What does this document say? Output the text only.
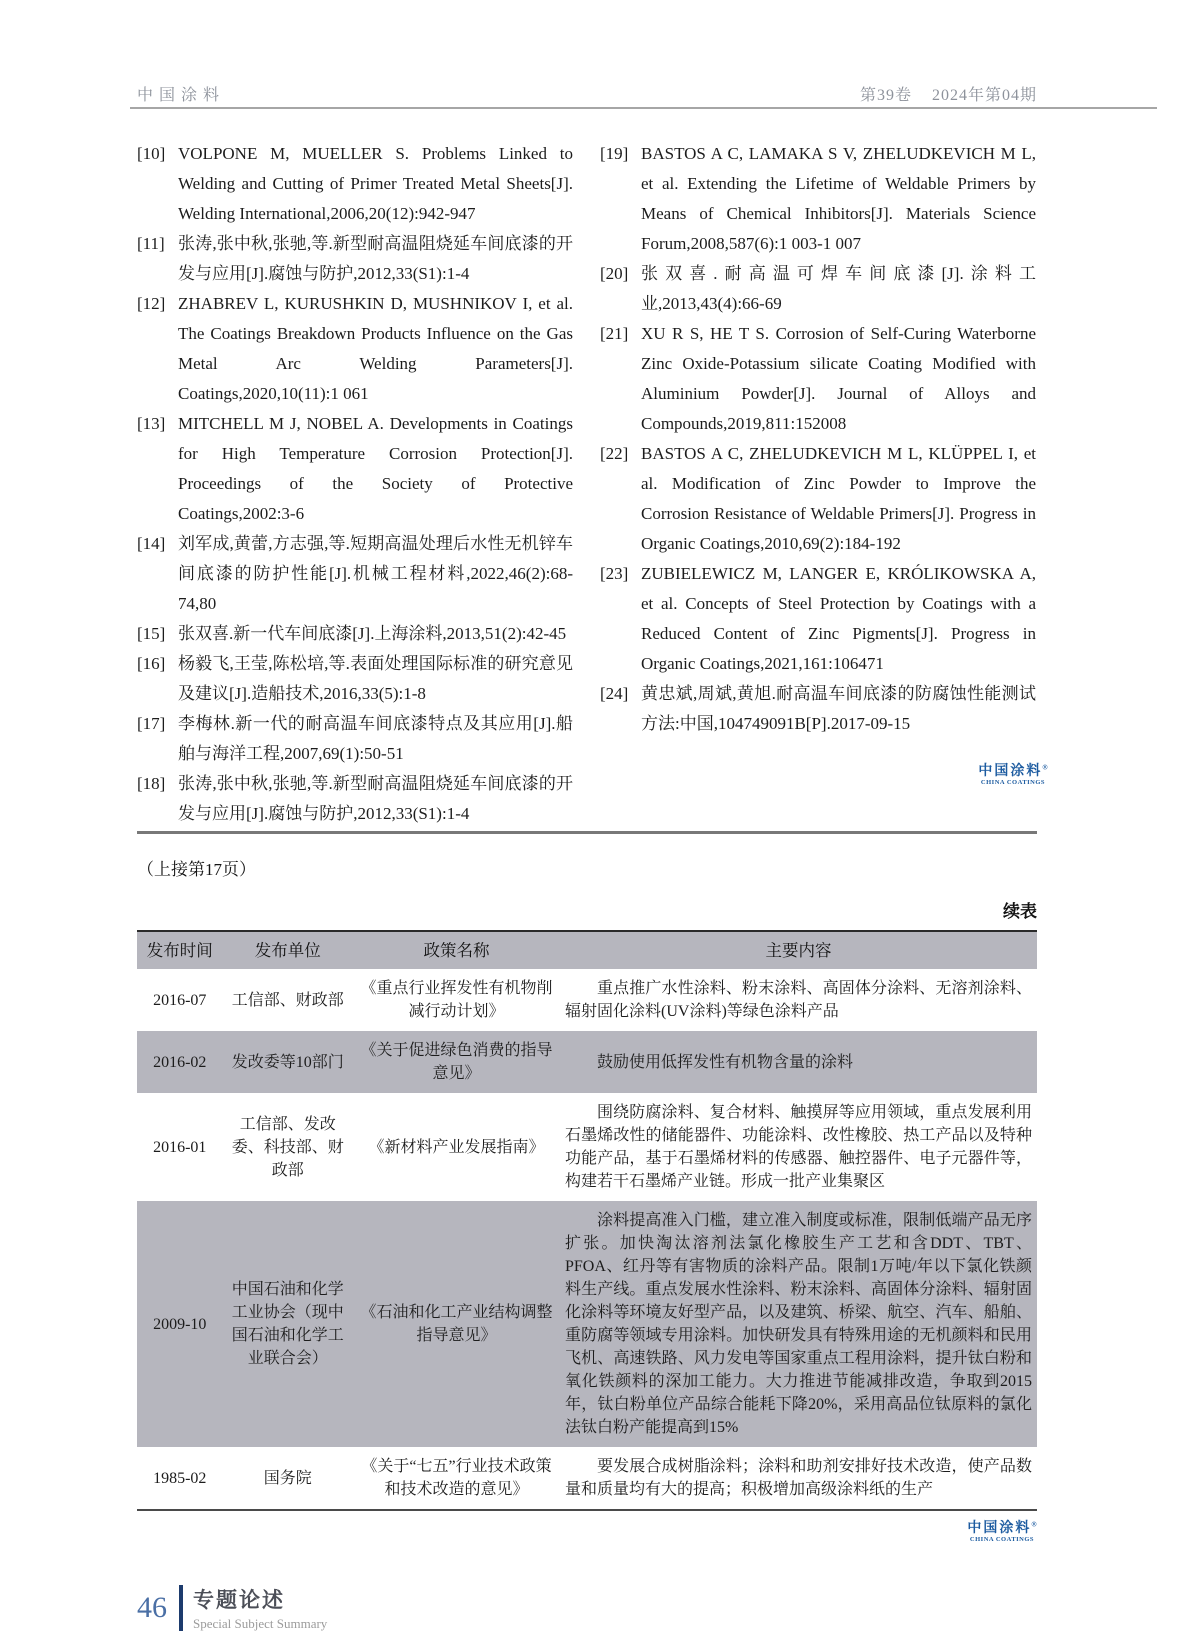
中国涂料	第39卷 2024年第04期
[10] VOLPONE M, MUELLER S. Problems Linked to Welding and Cutting of Primer Treated Metal Sheets[J]. Welding International,2006,20(12):942-947
[11] 张涛,张中秋,张驰,等.新型耐高温阻烧延车间底漆的开发与应用[J].腐蚀与防护,2012,33(S1):1-4
[12] ZHABREV L, KURUSHKIN D, MUSHNIKOV I, et al. The Coatings Breakdown Products Influence on the Gas Metal Arc Welding Parameters[J]. Coatings,2020,10(11):1 061
[13] MITCHELL M J, NOBEL A. Developments in Coatings for High Temperature Corrosion Protection[J]. Proceedings of the Society of Protective Coatings,2002:3-6
[14] 刘军成,黄蕾,方志强,等.短期高温处理后水性无机锌车间底漆的防护性能[J].机械工程材料,2022,46(2):68-74,80
[15] 张双喜.新一代车间底漆[J].上海涂料,2013,51(2):42-45
[16] 杨毅飞,王莹,陈松培,等.表面处理国际标准的研究意见及建议[J].造船技术,2016,33(5):1-8
[17] 李梅林.新一代的耐高温车间底漆特点及其应用[J].船舶与海洋工程,2007,69(1):50-51
[18] 张涛,张中秋,张驰,等.新型耐高温阻烧延车间底漆的开发与应用[J].腐蚀与防护,2012,33(S1):1-4
[19] BASTOS A C, LAMAKA S V, ZHELUDKEVICH M L, et al. Extending the Lifetime of Weldable Primers by Means of Chemical Inhibitors[J]. Materials Science Forum,2008,587(6):1 003-1 007
[20] 张双喜.耐高温可焊车间底漆[J].涂料工业,2013,43(4):66-69
[21] XU R S, HE T S. Corrosion of Self-Curing Waterborne Zinc Oxide-Potassium silicate Coating Modified with Aluminium Powder[J]. Journal of Alloys and Compounds,2019,811:152008
[22] BASTOS A C, ZHELUDKEVICH M L, KLÜPPEL I, et al. Modification of Zinc Powder to Improve the Corrosion Resistance of Weldable Primers[J]. Progress in Organic Coatings,2010,69(2):184-192
[23] ZUBIELEWICZ M, LANGER E, KRÓLIKOWSKA A, et al. Concepts of Steel Protection by Coatings with a Reduced Content of Zinc Pigments[J]. Progress in Organic Coatings,2021,161:106471
[24] 黄忠斌,周斌,黄旭.耐高温车间底漆的防腐蚀性能测试方法:中国,104749091B[P].2017-09-15
中国涂料®
CHINA COATINGS
（上接第17页）
续表
发布时间	发布单位	政策名称	主要内容
2016-07	工信部、财政部	《重点行业挥发性有机物削减行动计划》	重点推广水性涂料、粉末涂料、高固体分涂料、无溶剂涂料、辐射固化涂料(UV涂料)等绿色涂料产品
2016-02	发改委等10部门	《关于促进绿色消费的指导意见》	鼓励使用低挥发性有机物含量的涂料
2016-01	工信部、发改委、科技部、财政部	《新材料产业发展指南》	围绕防腐涂料、复合材料、触摸屏等应用领域，重点发展利用石墨烯改性的储能器件、功能涂料、改性橡胶、热工产品以及特种功能产品，基于石墨烯材料的传感器、触控器件、电子元器件等，构建若干石墨烯产业链。形成一批产业集聚区
2009-10	中国石油和化学工业协会（现中国石油和化学工业联合会）	《石油和化工产业结构调整指导意见》	涂料提高准入门槛，建立准入制度或标准，限制低端产品无序扩张。加快淘汰溶剂法氯化橡胶生产工艺和含DDT、TBT、PFOA、红丹等有害物质的涂料产品。限制1万吨/年以下氯化铁颜料生产线。重点发展水性涂料、粉末涂料、高固体分涂料、辐射固化涂料等环境友好型产品，以及建筑、桥梁、航空、汽车、船舶、重防腐等领域专用涂料。加快研发具有特殊用途的无机颜料和民用飞机、高速铁路、风力发电等国家重点工程用涂料，提升钛白粉和氧化铁颜料的深加工能力。大力推进节能减排改造，争取到2015年，钛白粉单位产品综合能耗下降20%，采用高品位钛原料的氯化法钛白粉产能提高到15%
1985-02	国务院	《关于“七五”行业技术政策和技术改造的意见》	要发展合成树脂涂料；涂料和助剂安排好技术改造，使产品数量和质量均有大的提高；积极增加高级涂料纸的生产
中国涂料®
CHINA COATINGS
46 专题论述
Special Subject Summary
